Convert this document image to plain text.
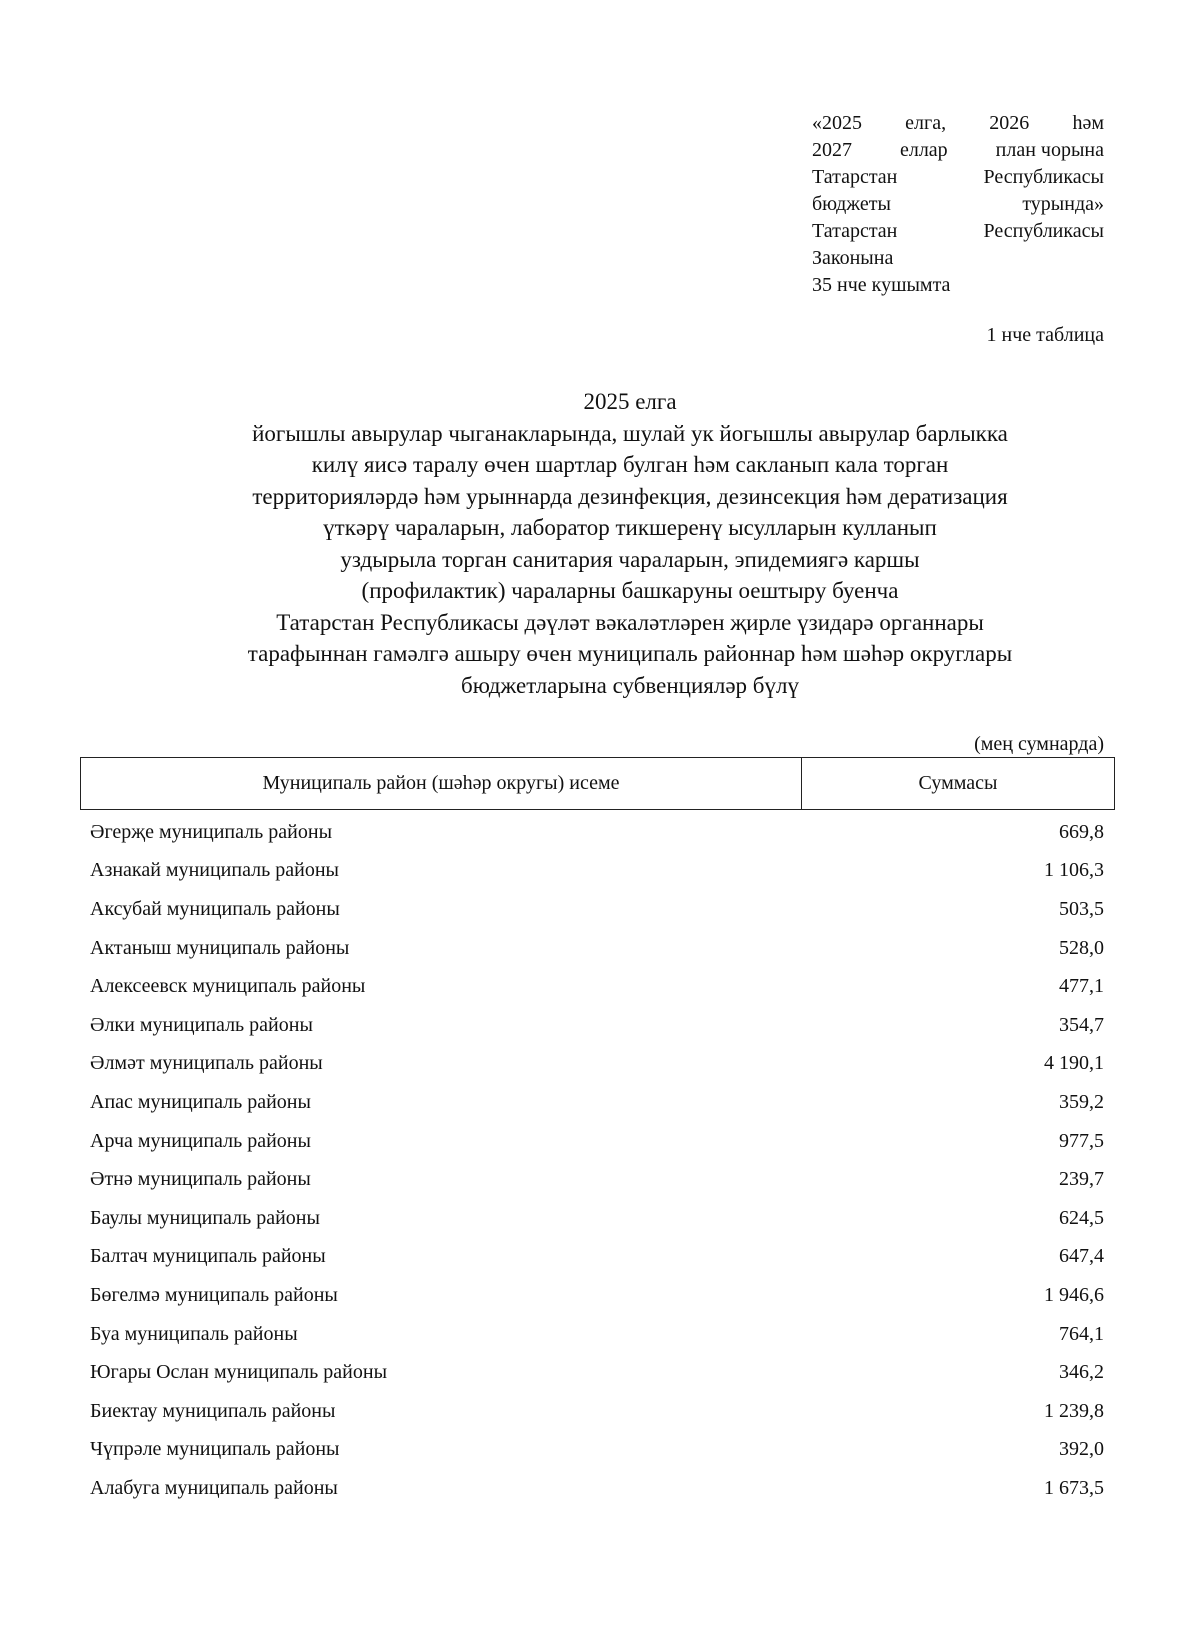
«2025 елга, 2026 һәм
2027 еллар план чорына
Татарстан	Республикасы
бюджеты	турында»
Татарстан	Республикасы
Законына
35 нче кушымта
1 нче таблица
2025 елга
йогышлы авырулар чыганакларында, шулай ук йогышлы авырулар барлыкка
килү яисә таралу өчен шартлар булган һәм сакланып кала торган
территорияләрдә һәм урыннарда дезинфекция, дезинсекция һәм дератизация
үткәрү чараларын, лаборатор тикшеренү ысулларын кулланып
уздырыла торган санитария чараларын, эпидемиягә каршы
(профилактик) чараларны башкаруны оештыру буенча
Татарстан Республикасы дәүләт вәкаләтләрен җирле үзидарә органнары
тарафыннан гамәлгә ашыру өчен муниципаль районнар һәм шәһәр округлары
бюджетларына субвенцияләр бүлү
(мең сумнарда)
Муниципаль район (шәһәр округы) исеме	Суммасы
Әгерҗе муниципаль районы	669,8
Азнакай муниципаль районы	1 106,3
Аксубай муниципаль районы	503,5
Актаныш муниципаль районы	528,0
Алексеевск муниципаль районы	477,1
Әлки муниципаль районы	354,7
Әлмәт муниципаль районы	4 190,1
Апас муниципаль районы	359,2
Арча муниципаль районы	977,5
Әтнә муниципаль районы	239,7
Баулы муниципаль районы	624,5
Балтач муниципаль районы	647,4
Бөгелмә муниципаль районы	1 946,6
Буа муниципаль районы	764,1
Югары Ослан муниципаль районы	346,2
Биектау муниципаль районы	1 239,8
Чүпрәле муниципаль районы	392,0
Алабуга муниципаль районы	1 673,5
